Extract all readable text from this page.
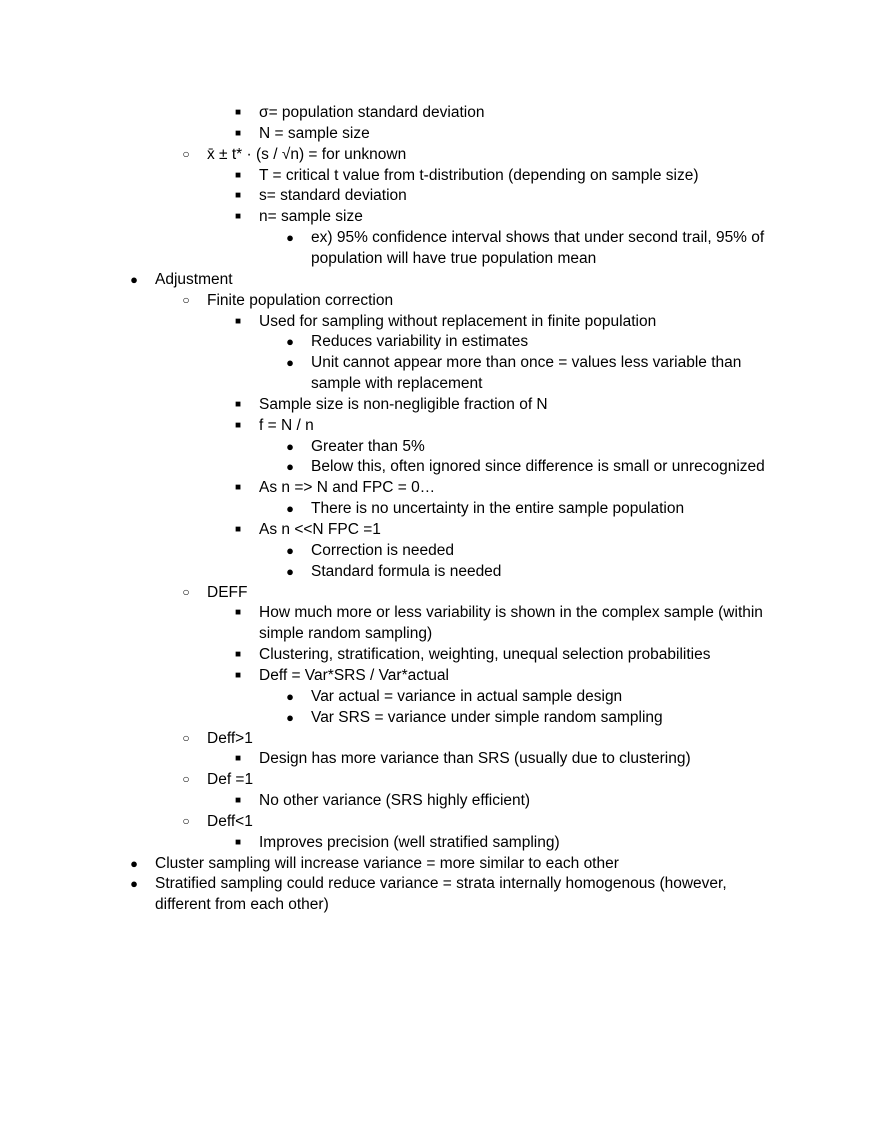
■ σ= population standard deviation
■ N = sample size
○ x̄ ± t* · (s / √n) = for unknown
■ T = critical t value from t-distribution (depending on sample size)
■ s= standard deviation
■ n= sample size
● ex) 95% confidence interval shows that under second trail, 95% of
population will have true population mean
● Adjustment
○ Finite population correction
■ Used for sampling without replacement in finite population
● Reduces variability in estimates
● Unit cannot appear more than once = values less variable than
sample with replacement
■ Sample size is non-negligible fraction of N
■ f = N / n
● Greater than 5%
● Below this, often ignored since difference is small or unrecognized
■ As n => N and FPC = 0…
● There is no uncertainty in the entire sample population
■ As n <<N FPC =1
● Correction is needed
● Standard formula is needed
○ DEFF
■ How much more or less variability is shown in the complex sample (within
simple random sampling)
■ Clustering, stratification, weighting, unequal selection probabilities
■ Deff = Var*SRS / Var*actual
● Var actual = variance in actual sample design
● Var SRS = variance under simple random sampling
○ Deff>1
■ Design has more variance than SRS (usually due to clustering)
○ Def =1
■ No other variance (SRS highly efficient)
○ Deff<1
■ Improves precision (well stratified sampling)
● Cluster sampling will increase variance = more similar to each other
● Stratified sampling could reduce variance = strata internally homogenous (however,
different from each other)
